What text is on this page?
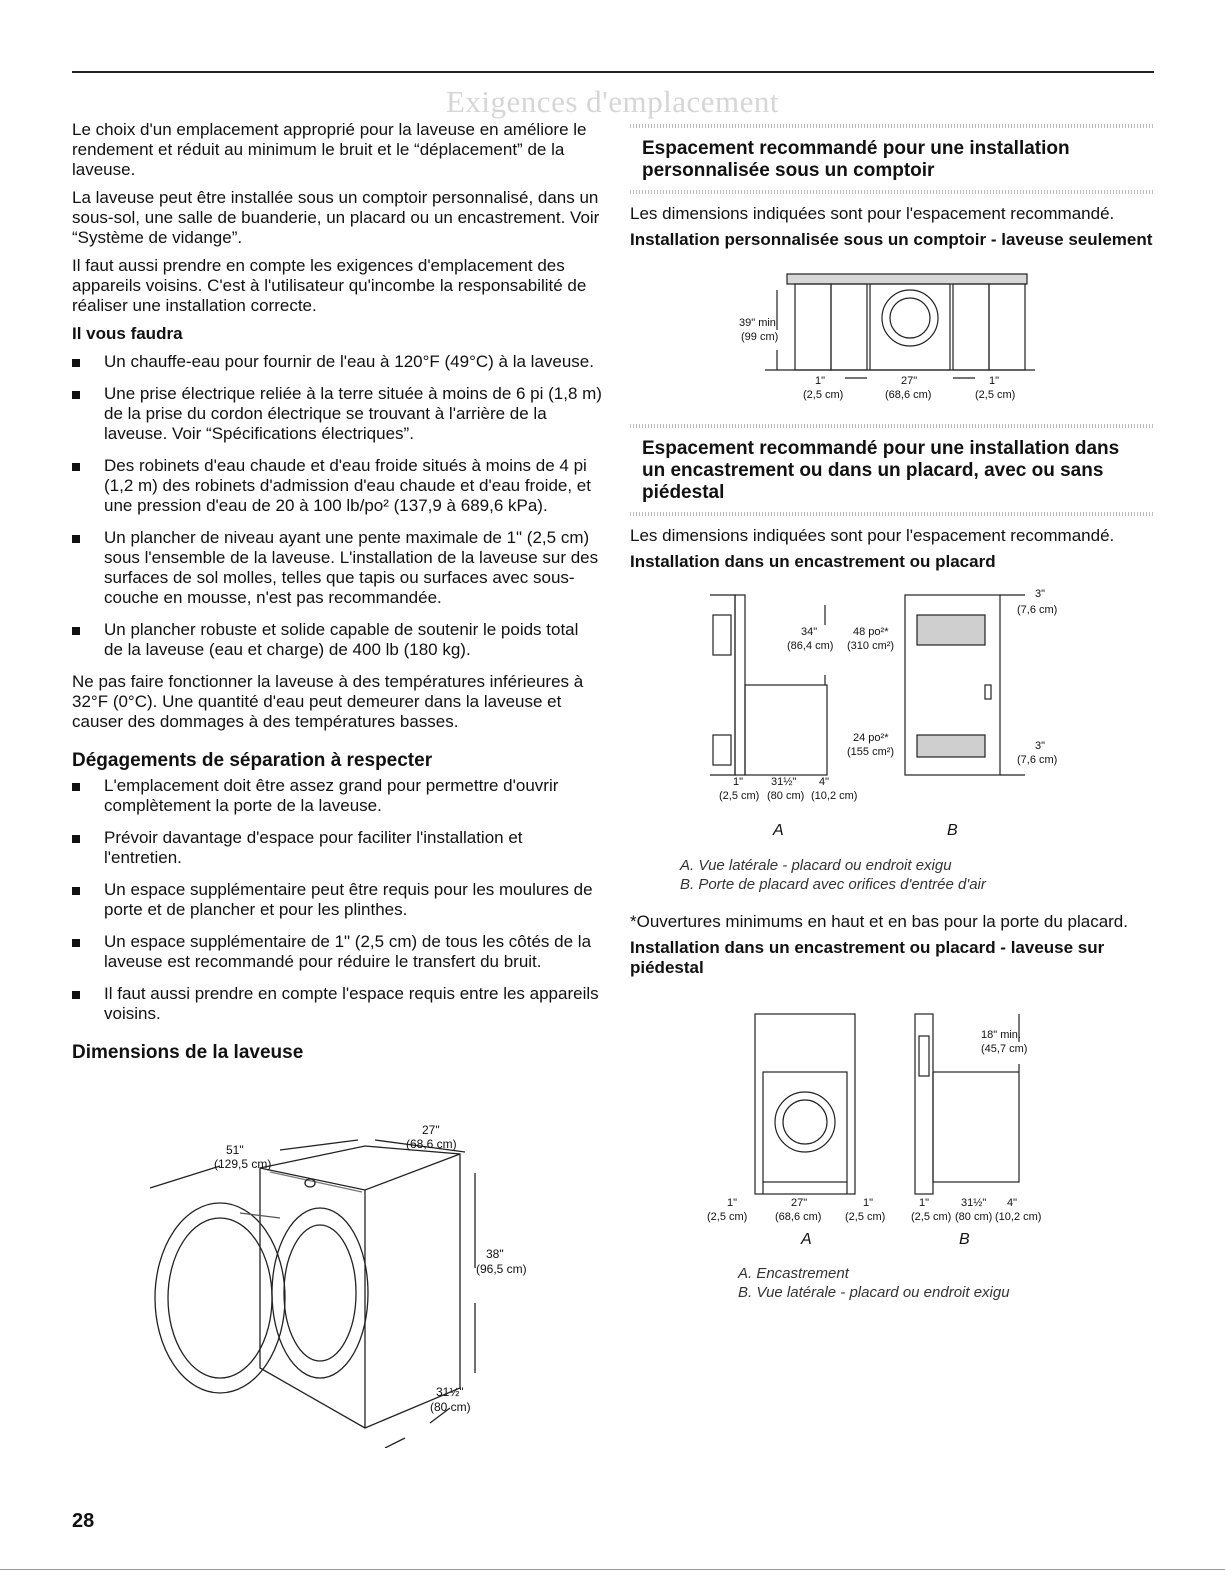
Exigences d'emplacement

Le choix d'un emplacement approprié pour la laveuse en améliore le rendement et réduit au minimum le bruit et le “déplacement” de la laveuse.

La laveuse peut être installée sous un comptoir personnalisé, dans un sous-sol, une salle de buanderie, un placard ou un encastrement. Voir “Système de vidange”.

Il faut aussi prendre en compte les exigences d'emplacement des appareils voisins. C'est à l'utilisateur qu'incombe la responsabilité de réaliser une installation correcte.

Il vous faudra

Un chauffe-eau pour fournir de l'eau à 120°F (49°C) à la laveuse.
Une prise électrique reliée à la terre située à moins de 6 pi (1,8 m) de la prise du cordon électrique se trouvant à l'arrière de la laveuse. Voir “Spécifications électriques”.
Des robinets d'eau chaude et d'eau froide situés à moins de 4 pi (1,2 m) des robinets d'admission d'eau chaude et d'eau froide, et une pression d'eau de 20 à 100 lb/po² (137,9 à 689,6 kPa).
Un plancher de niveau ayant une pente maximale de 1" (2,5 cm) sous l'ensemble de la laveuse. L'installation de la laveuse sur des surfaces de sol molles, telles que tapis ou surfaces avec sous-couche en mousse, n'est pas recommandée.
Un plancher robuste et solide capable de soutenir le poids total de la laveuse (eau et charge) de 400 lb (180 kg).

Ne pas faire fonctionner la laveuse à des températures inférieures à 32°F (0°C). Une quantité d'eau peut demeurer dans la laveuse et causer des dommages à des températures basses.

Dégagements de séparation à respecter
L'emplacement doit être assez grand pour permettre d'ouvrir complètement la porte de la laveuse.
Prévoir davantage d'espace pour faciliter l'installation et l'entretien.
Un espace supplémentaire peut être requis pour les moulures de porte et de plancher et pour les plinthes.
Un espace supplémentaire de 1" (2,5 cm) de tous les côtés de la laveuse est recommandé pour réduire le transfert du bruit.
Il faut aussi prendre en compte l'espace requis entre les appareils voisins.
Dimensions de la laveuse
51"
(129,5 cm)
27"
(68,6 cm)
38"
(96,5 cm)
31½"
(80 cm)
Espacement recommandé pour une installation personnalisée sous un comptoir

Les dimensions indiquées sont pour l'espacement recommandé.

Installation personnalisée sous un comptoir - laveuse seulement

39" min
(99 cm)
1"
(2,5 cm)
27"
(68,6 cm)
1"
(2,5 cm)
Espacement recommandé pour une installation dans un encastrement ou dans un placard, avec ou sans piédestal

Les dimensions indiquées sont pour l'espacement recommandé.

Installation dans un encastrement ou placard

34"
(86,4 cm)
48 po²*
(310 cm²)
24 po²*
(155 cm²)
3"
(7,6 cm)
3"
(7,6 cm)
1"
(2,5 cm)
31½"
(80 cm)
4"
(10,2 cm)
A	B
A. Vue latérale - placard ou endroit exigu
B. Porte de placard avec orifices d'entrée d'air

*Ouvertures minimums en haut et en bas pour la porte du placard.

Installation dans un encastrement ou placard - laveuse sur piédestal

18" min.
(45,7 cm)
1"
(2,5 cm)
27"
(68,6 cm)
1"
(2,5 cm)
1"
(2,5 cm)
31½"
(80 cm)
4"
(10,2 cm)
A	B
A. Encastrement
B. Vue latérale - placard ou endroit exigu
28
